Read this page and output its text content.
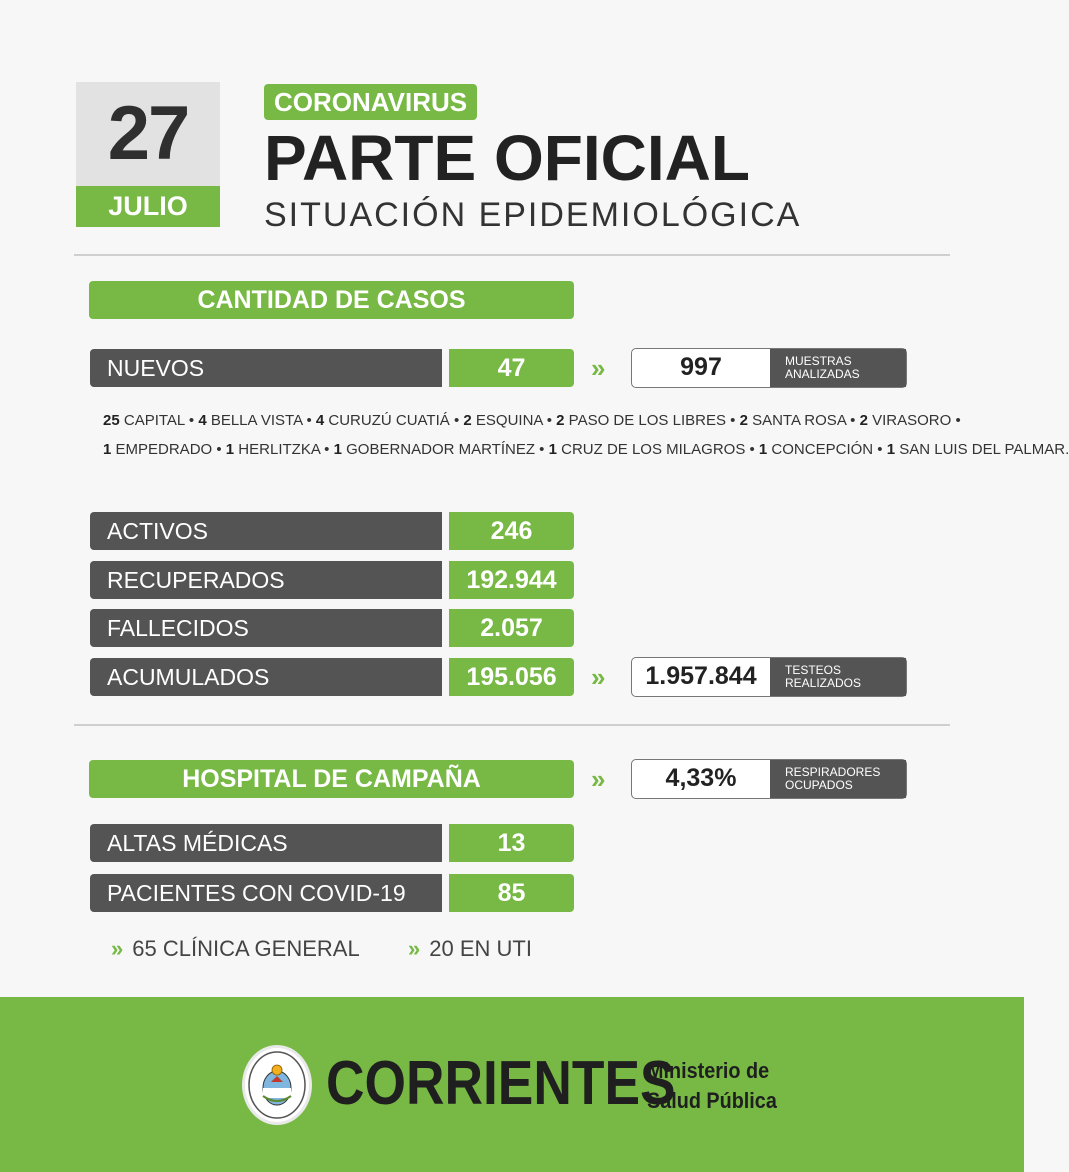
27
JULIO
CORONAVIRUS
PARTE OFICIAL
SITUACIÓN EPIDEMIOLÓGICA
CANTIDAD DE CASOS
NUEVOS	47	»	997	MUESTRAS
ANALIZADAS
25 CAPITAL • 4 BELLA VISTA • 4 CURUZÚ CUATIÁ • 2 ESQUINA • 2 PASO DE LOS LIBRES • 2 SANTA ROSA • 2 VIRASORO •
1 EMPEDRADO • 1 HERLITZKA • 1 GOBERNADOR MARTÍNEZ • 1 CRUZ DE LOS MILAGROS • 1 CONCEPCIÓN • 1 SAN LUIS DEL PALMAR.
ACTIVOS	246
RECUPERADOS	192.944
FALLECIDOS	2.057
ACUMULADOS	195.056	»	1.957.844	TESTEOS
REALIZADOS
HOSPITAL DE CAMPAÑA	»	4,33%	RESPIRADORES
OCUPADOS
ALTAS MÉDICAS	13
PACIENTES CON COVID-19	85
» 65 CLÍNICA GENERAL » 20 EN UTI
CORRIENTES
Ministerio de
Salud Pública
